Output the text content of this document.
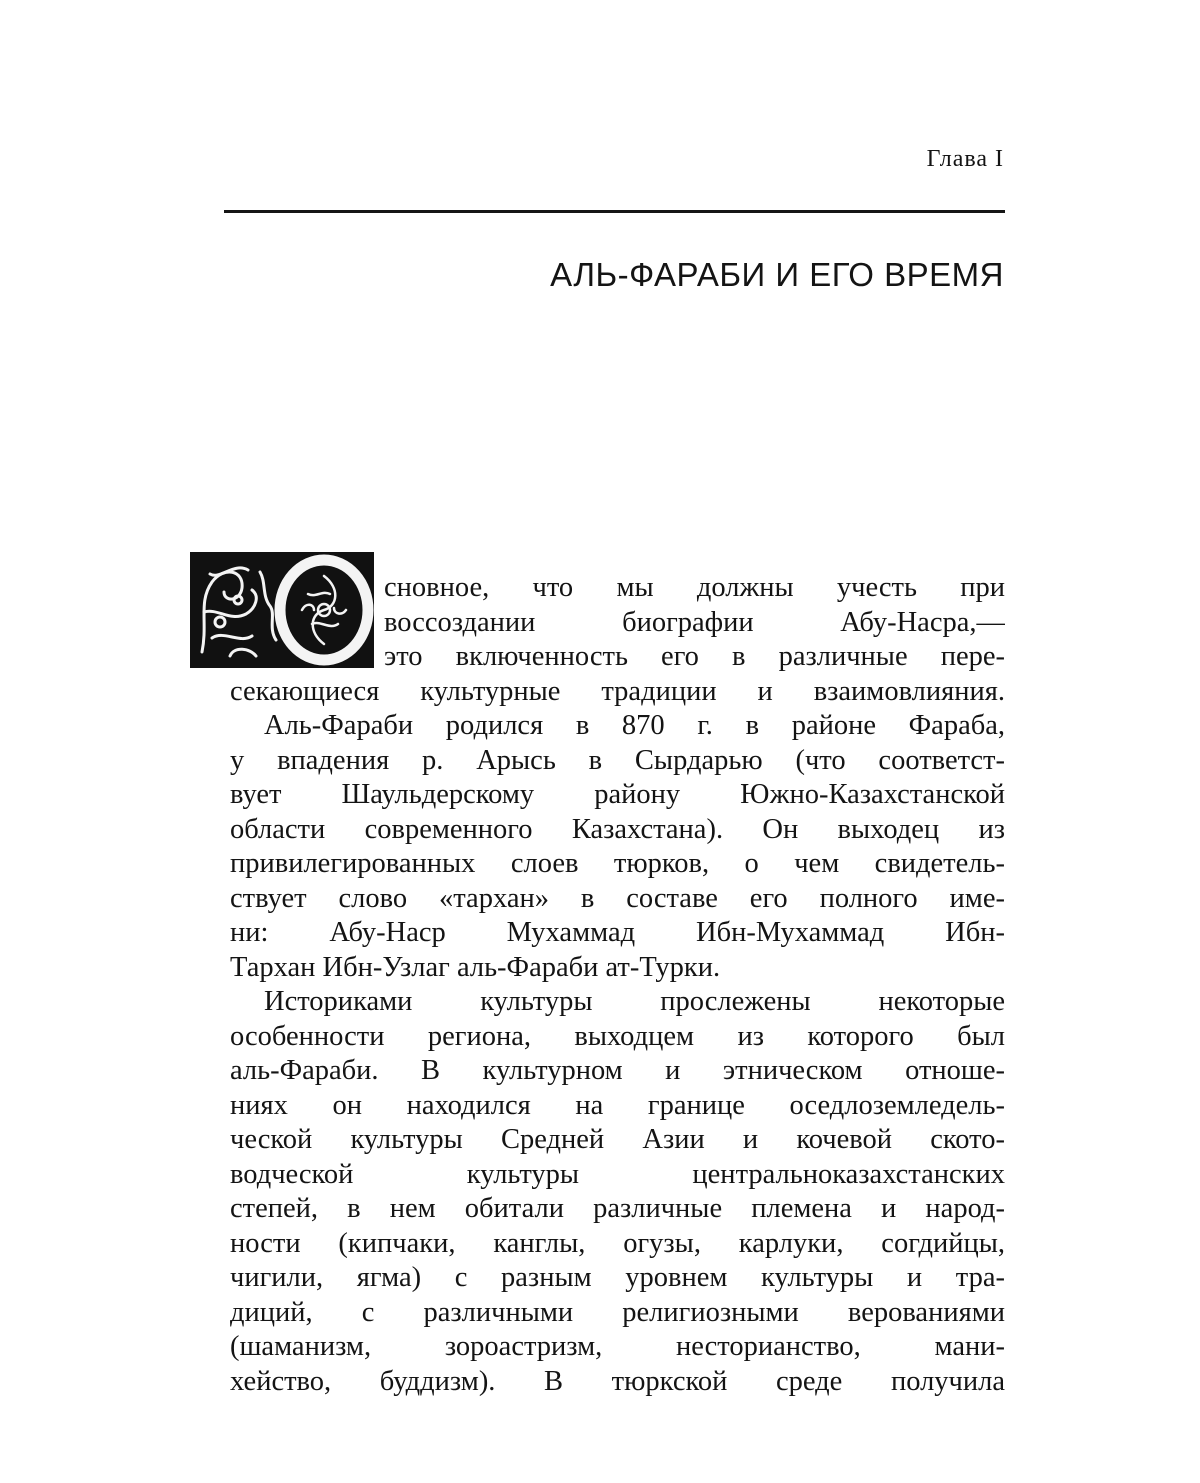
Глава I
АЛЬ-ФАРАБИ И ЕГО ВРЕМЯ
сновное, что мы должны учесть при
воссоздании биографии Абу-Насра,—
это включенность его в различные пере-
секающиеся культурные традиции и взаимовлияния.
Аль-Фараби родился в 870 г. в районе Фараба,
у впадения р. Арысь в Сырдарью (что соответст-
вует Шаульдерскому району Южно-Казахстанской
области современного Казахстана). Он выходец из
привилегированных слоев тюрков, о чем свидетель-
ствует слово «тархан» в составе его полного име-
ни: Абу-Наср Мухаммад Ибн-Мухаммад Ибн-
Тархан Ибн-Узлаг аль-Фараби ат-Турки.
Историками культуры прослежены некоторые
особенности региона, выходцем из которого был
аль-Фараби. В культурном и этническом отноше-
ниях он находился на границе оседлоземледель-
ческой культуры Средней Азии и кочевой ското-
водческой культуры центральноказахстанских
степей, в нем обитали различные племена и народ-
ности (кипчаки, канглы, огузы, карлуки, согдийцы,
чигили, ягма) с разным уровнем культуры и тра-
диций, с различными религиозными верованиями
(шаманизм, зороастризм, несторианство, мани-
хейство, буддизм). В тюркской среде получила
